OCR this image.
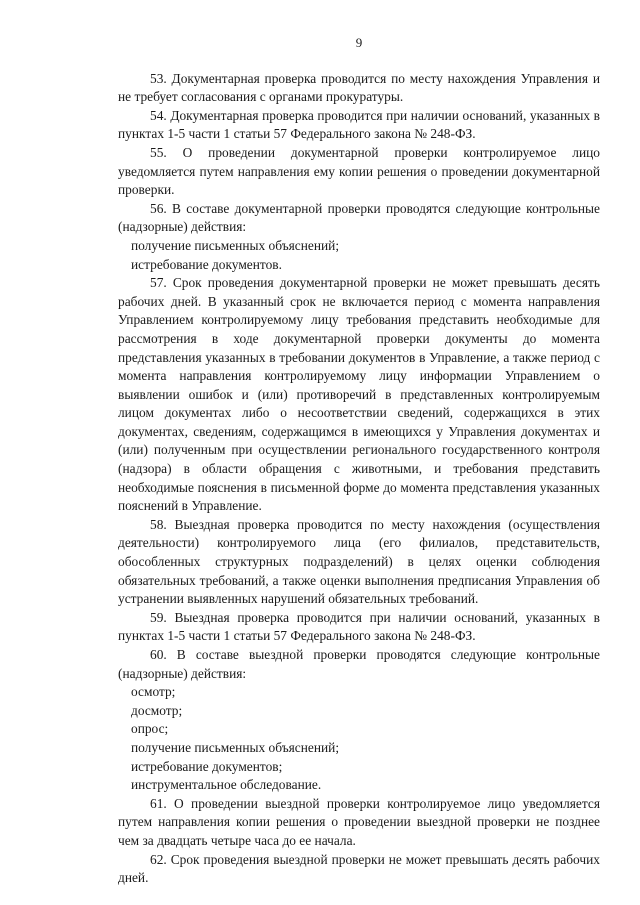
9

53. Документарная проверка проводится по месту нахождения Управления и не требует согласования с органами прокуратуры.

54. Документарная проверка проводится при наличии оснований, указанных в пунктах 1-5 части 1 статьи 57 Федерального закона № 248-ФЗ.

55. О проведении документарной проверки контролируемое лицо уведомляется путем направления ему копии решения о проведении документарной проверки.

56. В составе документарной проверки проводятся следующие контрольные (надзорные) действия:

получение письменных объяснений;

истребование документов.

57. Срок проведения документарной проверки не может превышать десять рабочих дней. В указанный срок не включается период с момента направления Управлением контролируемому лицу требования представить необходимые для рассмотрения в ходе документарной проверки документы до момента представления указанных в требовании документов в Управление, а также период с момента направления контролируемому лицу информации Управлением о выявлении ошибок и (или) противоречий в представленных контролируемым лицом документах либо о несоответствии сведений, содержащихся в этих документах, сведениям, содержащимся в имеющихся у Управления документах и (или) полученным при осуществлении регионального государственного контроля (надзора) в области обращения с животными, и требования представить необходимые пояснения в письменной форме до момента представления указанных пояснений в Управление.

58. Выездная проверка проводится по месту нахождения (осуществления деятельности) контролируемого лица (его филиалов, представительств, обособленных структурных подразделений) в целях оценки соблюдения обязательных требований, а также оценки выполнения предписания Управления об устранении выявленных нарушений обязательных требований.

59. Выездная проверка проводится при наличии оснований, указанных в пунктах 1-5 части 1 статьи 57 Федерального закона № 248-ФЗ.

60. В составе выездной проверки проводятся следующие контрольные (надзорные) действия:

осмотр;

досмотр;

опрос;

получение письменных объяснений;

истребование документов;

инструментальное обследование.

61. О проведении выездной проверки контролируемое лицо уведомляется путем направления копии решения о проведении выездной проверки не позднее чем за двадцать четыре часа до ее начала.

62. Срок проведения выездной проверки не может превышать десять рабочих дней.
